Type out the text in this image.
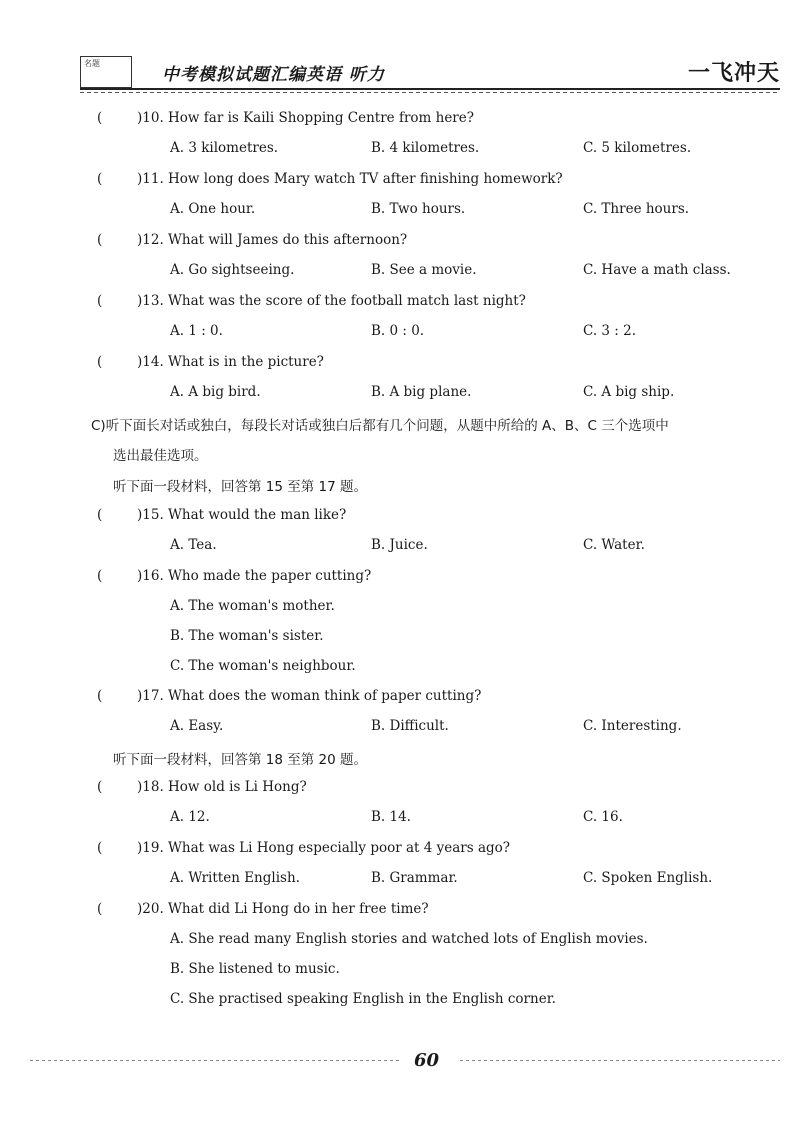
名题
中考模拟试题汇编英语 听力	一飞冲天
(	)10. How far is Kaili Shopping Centre from here?
A. 3 kilometres.	B. 4 kilometres.	C. 5 kilometres.
(	)11. How long does Mary watch TV after finishing homework?
A. One hour.	B. Two hours.	C. Three hours.
(	)12. What will James do this afternoon?
A. Go sightseeing.	B. See a movie.	C. Have a math class.
(	)13. What was the score of the football match last night?
A. 1 : 0.	B. 0 : 0.	C. 3 : 2.
(	)14. What is in the picture?
A. A big bird.	B. A big plane.	C. A big ship.
C)听下面长对话或独白，每段长对话或独白后都有几个问题，从题中所给的 A、B、C 三个选项中
选出最佳选项。
听下面一段材料，回答第 15 至第 17 题。
(	)15. What would the man like?
A. Tea.	B. Juice.	C. Water.
(	)16. Who made the paper cutting?
A. The woman's mother.
B. The woman's sister.
C. The woman's neighbour.
(	)17. What does the woman think of paper cutting?
A. Easy.	B. Difficult.	C. Interesting.
听下面一段材料，回答第 18 至第 20 题。
(	)18. How old is Li Hong?
A. 12.	B. 14.	C. 16.
(	)19. What was Li Hong especially poor at 4 years ago?
A. Written English.	B. Grammar.	C. Spoken English.
(	)20. What did Li Hong do in her free time?
A. She read many English stories and watched lots of English movies.
B. She listened to music.
C. She practised speaking English in the English corner.
60
